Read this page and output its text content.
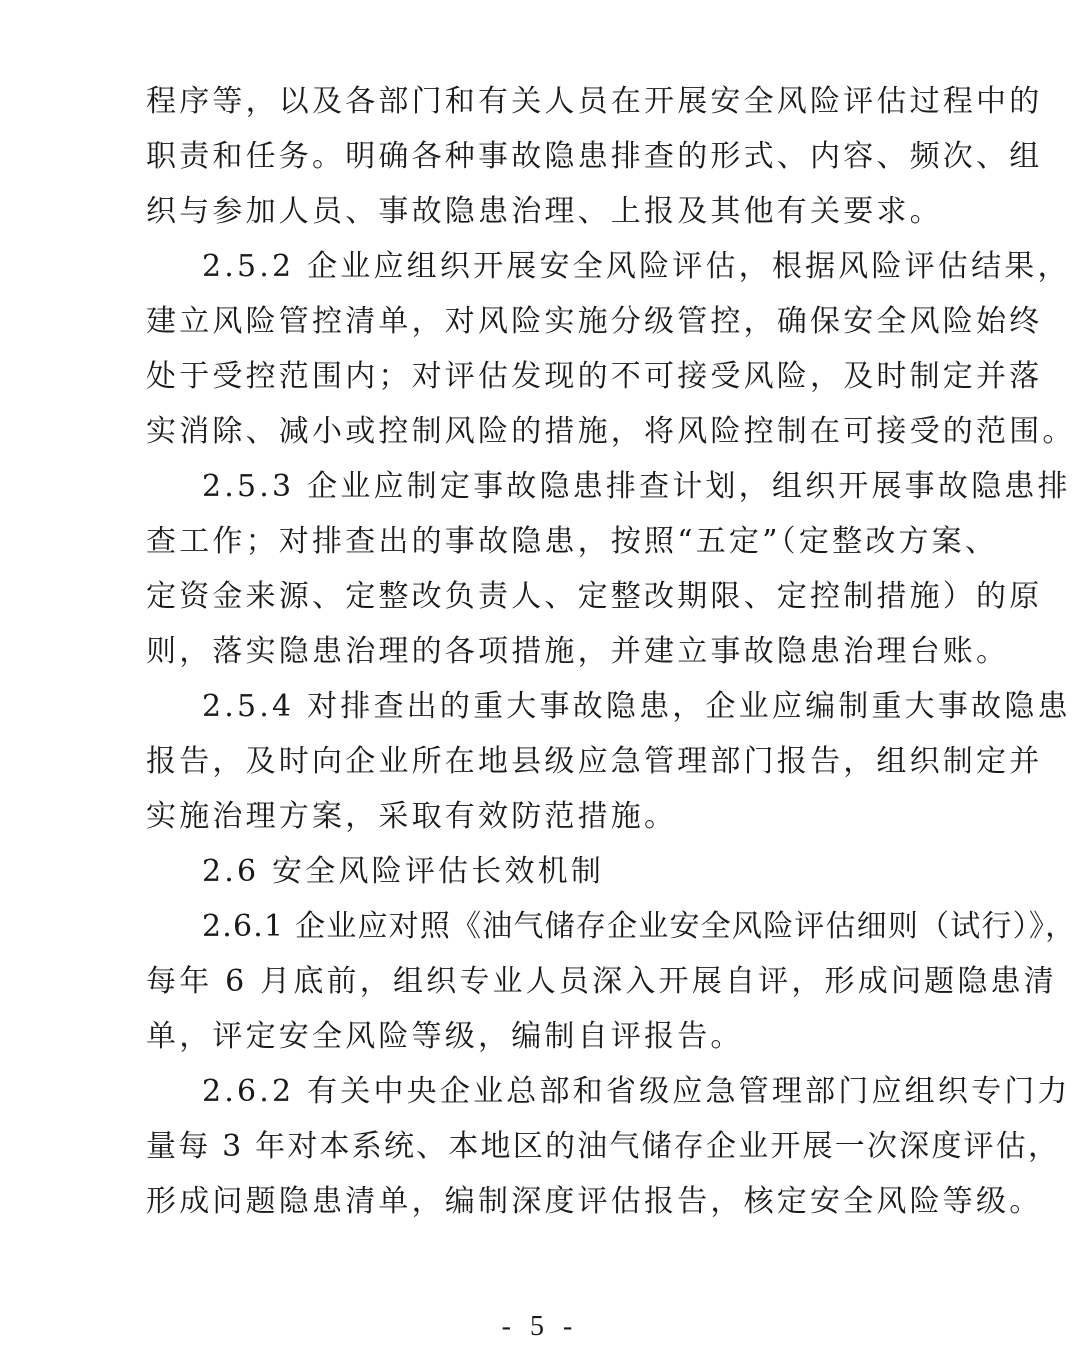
程序等，以及各部门和有关人员在开展安全风险评估过程中的
职责和任务。明确各种事故隐患排查的形式、内容、频次、组
织与参加人员、事故隐患治理、上报及其他有关要求。
2.5.2 企业应组织开展安全风险评估，根据风险评估结果，
建立风险管控清单，对风险实施分级管控，确保安全风险始终
处于受控范围内；对评估发现的不可接受风险，及时制定并落
实消除、减小或控制风险的措施，将风险控制在可接受的范围。
2.5.3 企业应制定事故隐患排查计划，组织开展事故隐患排
查工作；对排查出的事故隐患，按照“五定”（定整改方案、
定资金来源、定整改负责人、定整改期限、定控制措施）的原
则，落实隐患治理的各项措施，并建立事故隐患治理台账。
2.5.4 对排查出的重大事故隐患，企业应编制重大事故隐患
报告，及时向企业所在地县级应急管理部门报告，组织制定并
实施治理方案，采取有效防范措施。
2.6 安全风险评估长效机制
2.6.1 企业应对照《油气储存企业安全风险评估细则（试行）》，
每年 6 月底前，组织专业人员深入开展自评，形成问题隐患清
单，评定安全风险等级，编制自评报告。
2.6.2 有关中央企业总部和省级应急管理部门应组织专门力
量每 3 年对本系统、本地区的油气储存企业开展一次深度评估，
形成问题隐患清单，编制深度评估报告，核定安全风险等级。
- 5 -
